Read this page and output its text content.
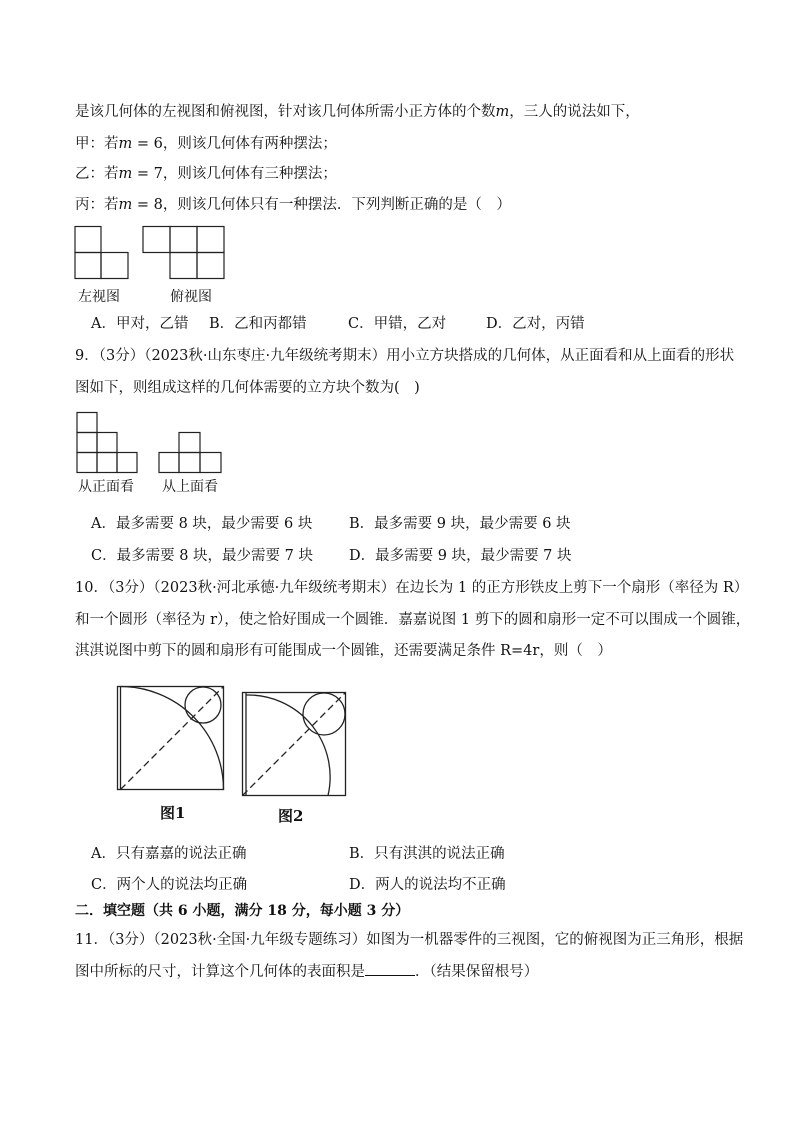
是该几何体的左视图和俯视图，针对该几何体所需小正方体的个数m，三人的说法如下，
甲：若m = 6，则该几何体有两种摆法；
乙：若m = 7，则该几何体有三种摆法；
丙：若m = 8，则该几何体只有一种摆法．下列判断正确的是（　）
左视图	俯视图
A．甲对，乙错 B．乙和丙都错	C．甲错，乙对	D．乙对，丙错
9．（3分）（2023秋·山东枣庄·九年级统考期末）用小立方块搭成的几何体，从正面看和从上面看的形状
图如下，则组成这样的几何体需要的立方块个数为(　)
从正面看 从上面看
A．最多需要 8 块，最少需要 6 块	B．最多需要 9 块，最少需要 6 块
C．最多需要 8 块，最少需要 7 块 D．最多需要 9 块，最少需要 7 块
10．（3分）（2023秋·河北承德·九年级统考期末）在边长为 1 的正方形铁皮上剪下一个扇形（率径为 R）
和一个圆形（率径为 r），使之恰好围成一个圆锥．嘉嘉说图 1 剪下的圆和扇形一定不可以围成一个圆锥，
淇淇说图中剪下的圆和扇形有可能围成一个圆锥，还需要满足条件 R=4r，则（　）
图1	图2
A．只有嘉嘉的说法正确	B．只有淇淇的说法正确
C．两个人的说法均正确	D．两人的说法均不正确
二．填空题（共 6 小题，满分 18 分，每小题 3 分）
11．（3分）（2023秋·全国·九年级专题练习）如图为一机器零件的三视图，它的俯视图为正三角形，根据
图中所标的尺寸，计算这个几何体的表面积是	．（结果保留根号）
